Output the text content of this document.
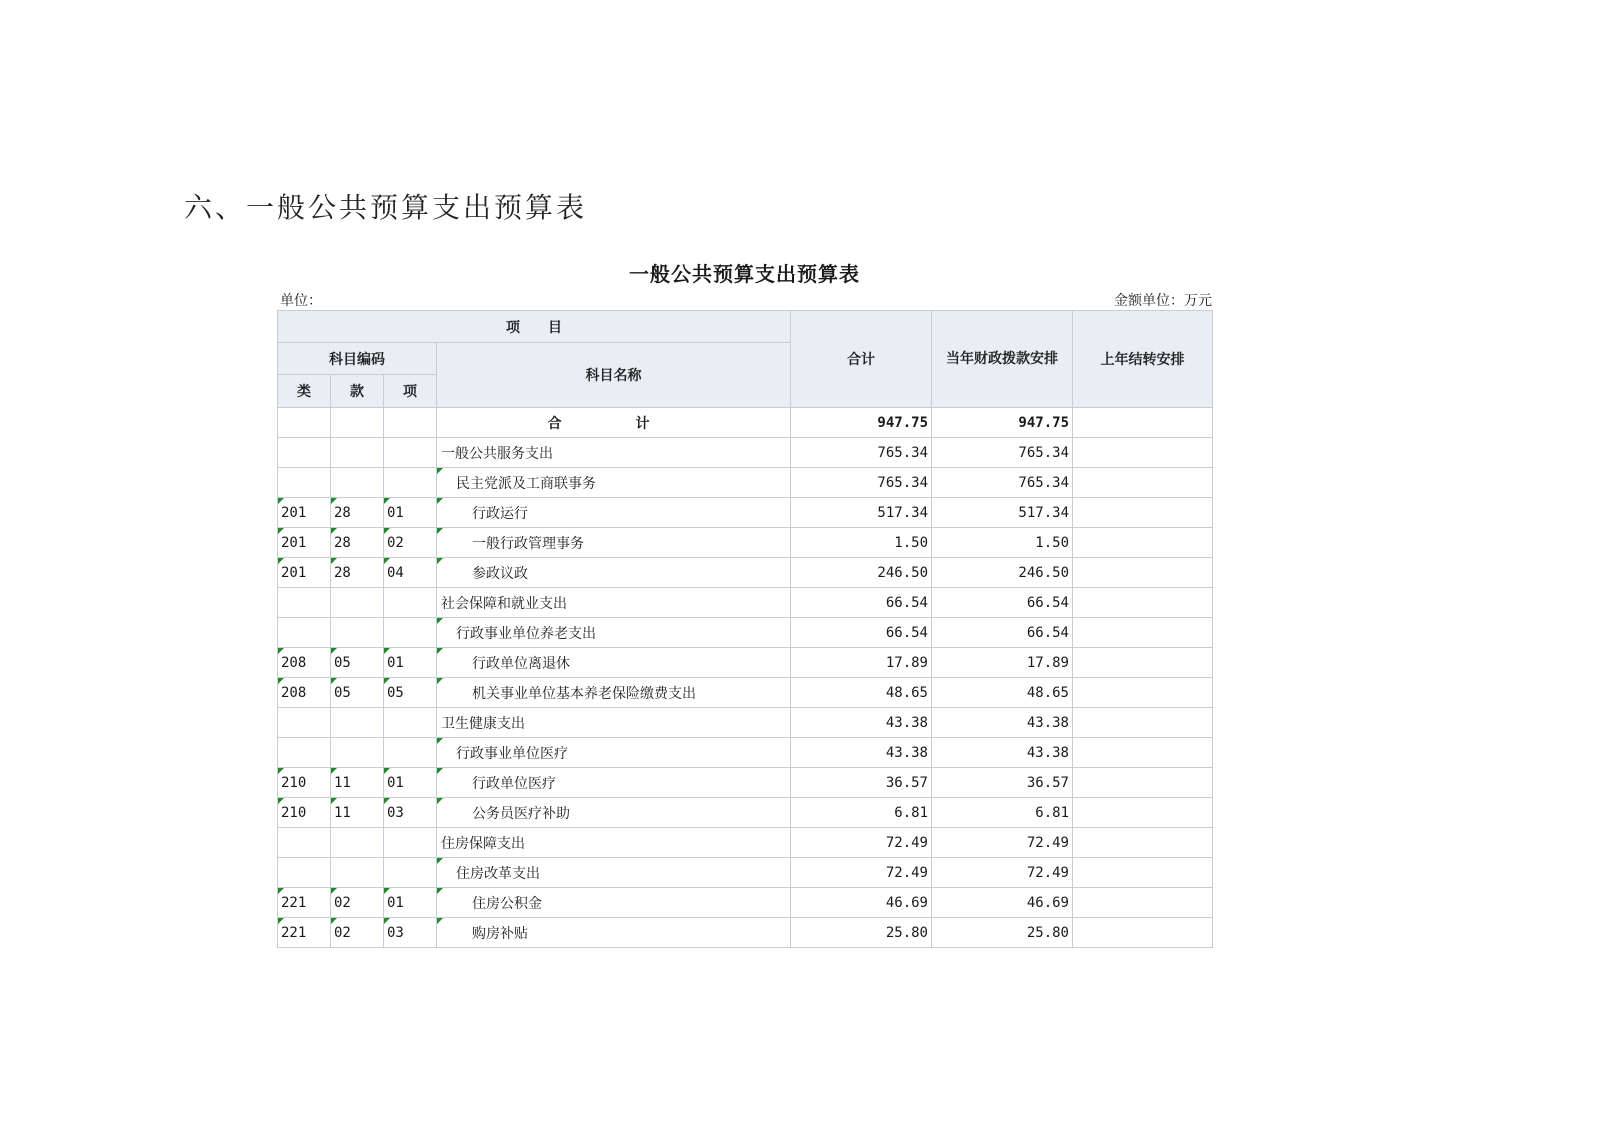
六、一般公共预算支出预算表
一般公共预算支出预算表
单位：	金额单位：万元
项　　目				合计	当年财政拨款安排	上年结转安排
科目编码			科目名称			
类	款	项				
			合　计	947.75	947.75	
			一般公共服务支出	765.34	765.34	
			民主党派及工商联事务	765.34	765.34	
201	28	01	行政运行	517.34	517.34	
201	28	02	一般行政管理事务	1.50	1.50	
201	28	04	参政议政	246.50	246.50	
			社会保障和就业支出	66.54	66.54	
			行政事业单位养老支出	66.54	66.54	
208	05	01	行政单位离退休	17.89	17.89	
208	05	05	机关事业单位基本养老保险缴费支出	48.65	48.65	
			卫生健康支出	43.38	43.38	
			行政事业单位医疗	43.38	43.38	
210	11	01	行政单位医疗	36.57	36.57	
210	11	03	公务员医疗补助	6.81	6.81	
			住房保障支出	72.49	72.49	
			住房改革支出	72.49	72.49	
221	02	01	住房公积金	46.69	46.69	
221	02	03	购房补贴	25.80	25.80	
